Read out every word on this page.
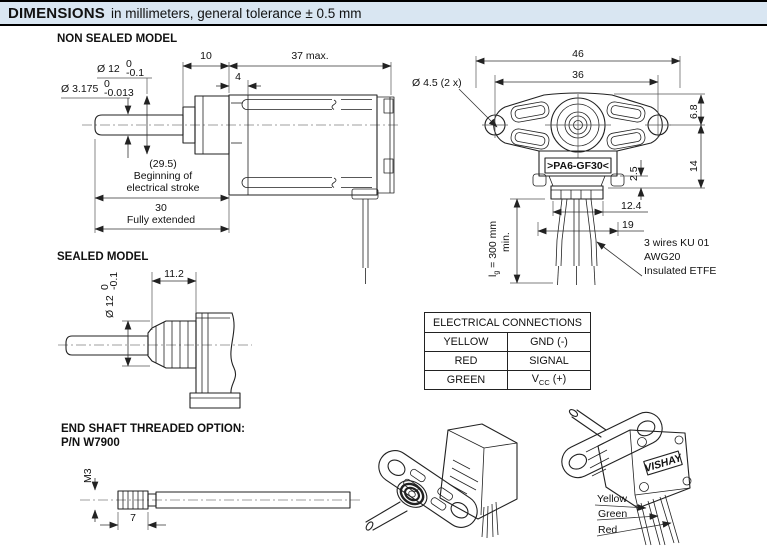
DIMENSIONS in millimeters, general tolerance ± 0.5 mm
NON SEALED MODEL
SEALED MODEL
END SHAFT THREADED OPTION:
P/N W7900
ELECTRICAL CONNECTIONS	
YELLOW	GND (-)
RED	SIGNAL
GREEN	$V_{CC}$ (+)
10	37 max.
4
Ø 12 0
-0.1
Ø 3.175 0
-0.013
(29.5)
Beginning of
electrical stroke
30
Fully extended
>PA6-GF30<
46
36
Ø 4.5 (2 x)
6.8
14
2.5
12.4
19
$l_g = 300$ mm min.	3 wires KU 01
AWG20
Insulated ETFE
11.2
Ø 12
0
-0.1
M3
7
VISHAY
Yellow
Green
Red
